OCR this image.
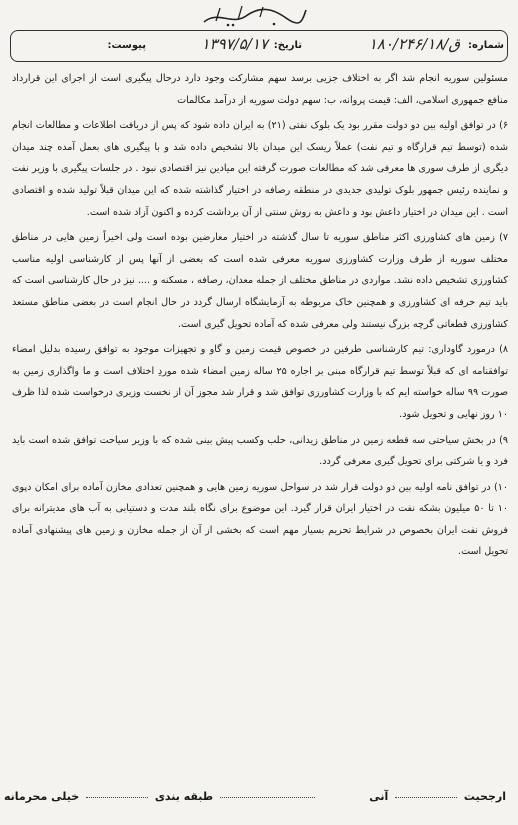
شماره:
۱۸۰/۲۴۶/ق/۱۸
تاریخ:
۱۳۹۷/۵/۱۷
پیوست:

مسئولین سوریه انجام شد اگر به اختلاف جزیی برسد سهم مشارکت وجود دارد درحال پیگیری است از اجرای این قرارداد منافع جمهوری اسلامی، الف: قیمت پروانه، ب: سهم دولت سوریه از درآمد مکالمات

۶) در توافق اولیه بین دو دولت مقرر بود یک بلوک نفتی (۲۱) به ایران داده شود که پس از دریافت اطلاعات و مطالعات انجام شده (توسط تیم قرارگاه و تیم نفت) عملاً ریسک این میدان بالا تشخیص داده شد و با پیگیری های بعمل آمده چند میدان دیگری از طرف سوری ها معرفی شد که مطالعات صورت گرفته این میادین نیز اقتصادی نبود . در جلسات پیگیری با وزیر نفت و نماینده رئیس جمهور بلوک تولیدی جدیدی در منطقه رصافه در اختیار گذاشته شده که این میدان قبلاً تولید شده و اقتصادی است . این میدان در اختیار داعش بود و داعش به روش سنتی از آن برداشت کرده و اکنون آزاد شده است.

۷) زمین های کشاورزی اکثر مناطق سوریه تا سال گذشته در اختیار معارضین بوده است ولی اخیراً زمین هایی در مناطق مختلف سوریه از طرف وزارت کشاورزی سوریه معرفی شده است که بعضی از آنها پس از کارشناسی اولیه مناسب کشاورزی تشخیص داده نشد. مواردی در مناطق مختلف از جمله معدان، رصافه ، مسکنه و .... نیز در حال کارشناسی است که باید تیم حرفه ای کشاورزی و همچنین خاک مربوطه به آزمایشگاه ارسال گردد در حال انجام است در بعضی مناطق مستعد کشاورزی قطعاتی گرچه بزرگ نیستند ولی معرفی شده که آماده تحویل گیری است.

۸) درمورد گاوداری: تیم کارشناسی طرفین در خصوص قیمت زمین و گاو و تجهیزات موجود به توافق رسیده بدلیل امضاء توافقنامه ای که قبلاً توسط تیم قرارگاه مبنی بر اجاره ۲۵ ساله زمین امضاء شده موردِ اختلاف است و ما واگذاری زمین به صورت ۹۹ ساله خواسته ایم که با وزارت کشاورزی توافق شد و قرار شد مجوز آن از نخست وزیری درخواست شده لذا ظرف ۱۰ روز نهایی و تحویل شود.

۹) در بخش سیاحتی سه قطعه زمین در مناطق زیدانی، حلب وکسب پیش بینی شده که با وزیر سیاحت توافق شده است باید فرد و یا شرکتی برای تحویل گیری معرفی گردد.

۱۰) در توافق نامه اولیه بین دو دولت قرار شد در سواحل سوریه زمین هایی و همچنین تعدادی مخازن آماده برای امکان دپوی ۱۰ تا ۵۰ میلیون بشکه نفت در اختیار ایران قرار گیرد. این موضوع برای نگاه بلند مدت و دستیابی به آب های مدیترانه برای فروش نفت ایران بخصوص در شرایط تحریم بسیار مهم است که بخشی از آن از جمله مخازن و زمین های پیشنهادی آماده تحویل است.

ارجحیت  آنی
طبقه بندی  خیلی محرمانه
